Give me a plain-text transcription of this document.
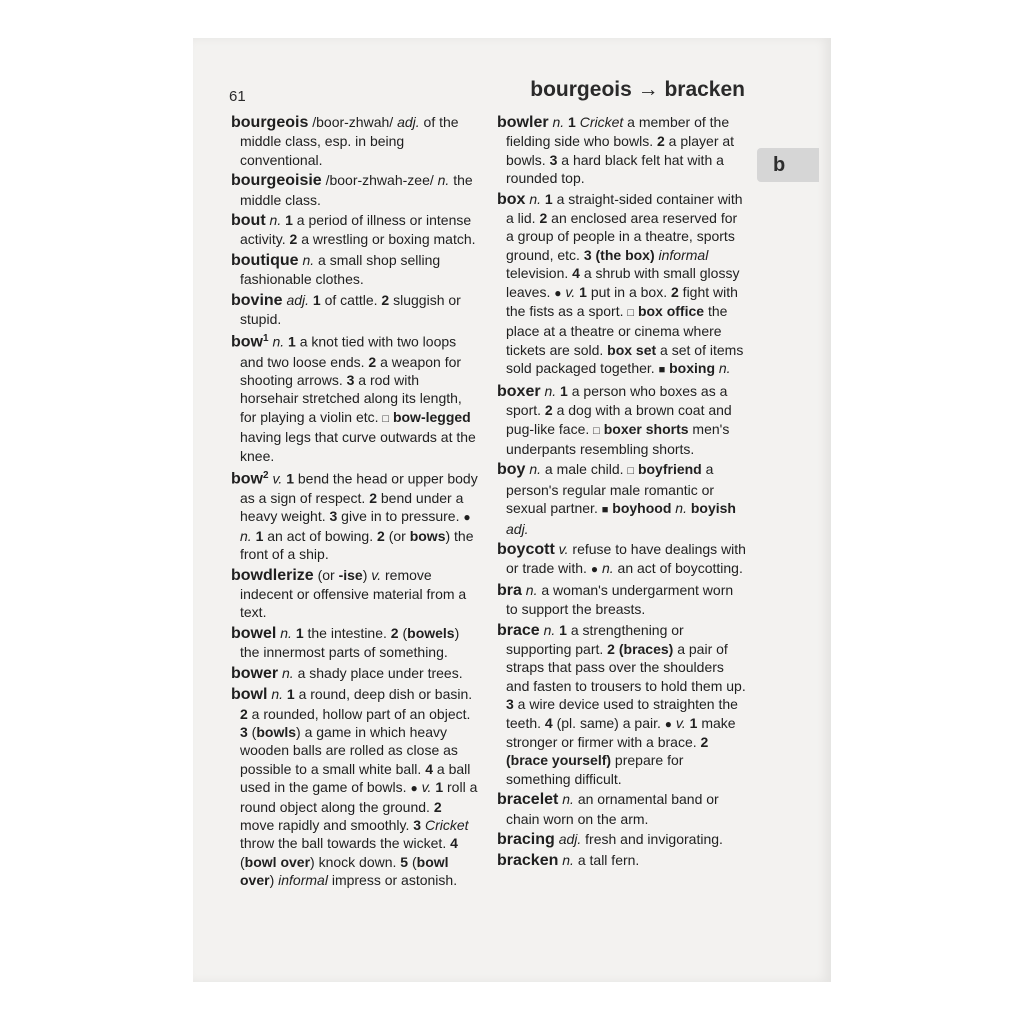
61	bourgeois → bracken
b

bourgeois /boor-zhwah/ adj. of the middle class, esp. in being conventional.

bourgeoisie /boor-zhwah-zee/ n. the middle class.

bout n. 1 a period of illness or intense activity. 2 a wrestling or boxing match.

boutique n. a small shop selling fashionable clothes.

bovine adj. 1 of cattle. 2 sluggish or stupid.

bow$^1$ n. 1 a knot tied with two loops and two loose ends. 2 a weapon for shooting arrows. 3 a rod with horsehair stretched along its length, for playing a violin etc. □ bow-legged having legs that curve outwards at the knee.

bow$^2$ v. 1 bend the head or upper body as a sign of respect. 2 bend under a heavy weight. 3 give in to pressure. ● n. 1 an act of bowing. 2 (or bows) the front of a ship.

bowdlerize (or -ise) v. remove indecent or offensive material from a text.

bowel n. 1 the intestine. 2 (bowels) the innermost parts of something.

bower n. a shady place under trees.

bowl n. 1 a round, deep dish or basin. 2 a rounded, hollow part of an object. 3 (bowls) a game in which heavy wooden balls are rolled as close as possible to a small white ball. 4 a ball used in the game of bowls. ● v. 1 roll a round object along the ground. 2 move rapidly and smoothly. 3 Cricket throw the ball towards the wicket. 4 (bowl over) knock down. 5 (bowl over) informal impress or astonish.

bowler n. 1 Cricket a member of the fielding side who bowls. 2 a player at bowls. 3 a hard black felt hat with a rounded top.

box n. 1 a straight-sided container with a lid. 2 an enclosed area reserved for a group of people in a theatre, sports ground, etc. 3 (the box) informal television. 4 a shrub with small glossy leaves. ● v. 1 put in a box. 2 fight with the fists as a sport. □ box office the place at a theatre or cinema where tickets are sold. box set a set of items sold packaged together. ■ boxing n.

boxer n. 1 a person who boxes as a sport. 2 a dog with a brown coat and pug-like face. □ boxer shorts men's underpants resembling shorts.

boy n. a male child. □ boyfriend a person's regular male romantic or sexual partner. ■ boyhood n. boyish adj.

boycott v. refuse to have dealings with or trade with. ● n. an act of boycotting.

bra n. a woman's undergarment worn to support the breasts.

brace n. 1 a strengthening or supporting part. 2 (braces) a pair of straps that pass over the shoulders and fasten to trousers to hold them up. 3 a wire device used to straighten the teeth. 4 (pl. same) a pair. ● v. 1 make stronger or firmer with a brace. 2 (brace yourself) prepare for something difficult.

bracelet n. an ornamental band or chain worn on the arm.

bracing adj. fresh and invigorating.

bracken n. a tall fern.
